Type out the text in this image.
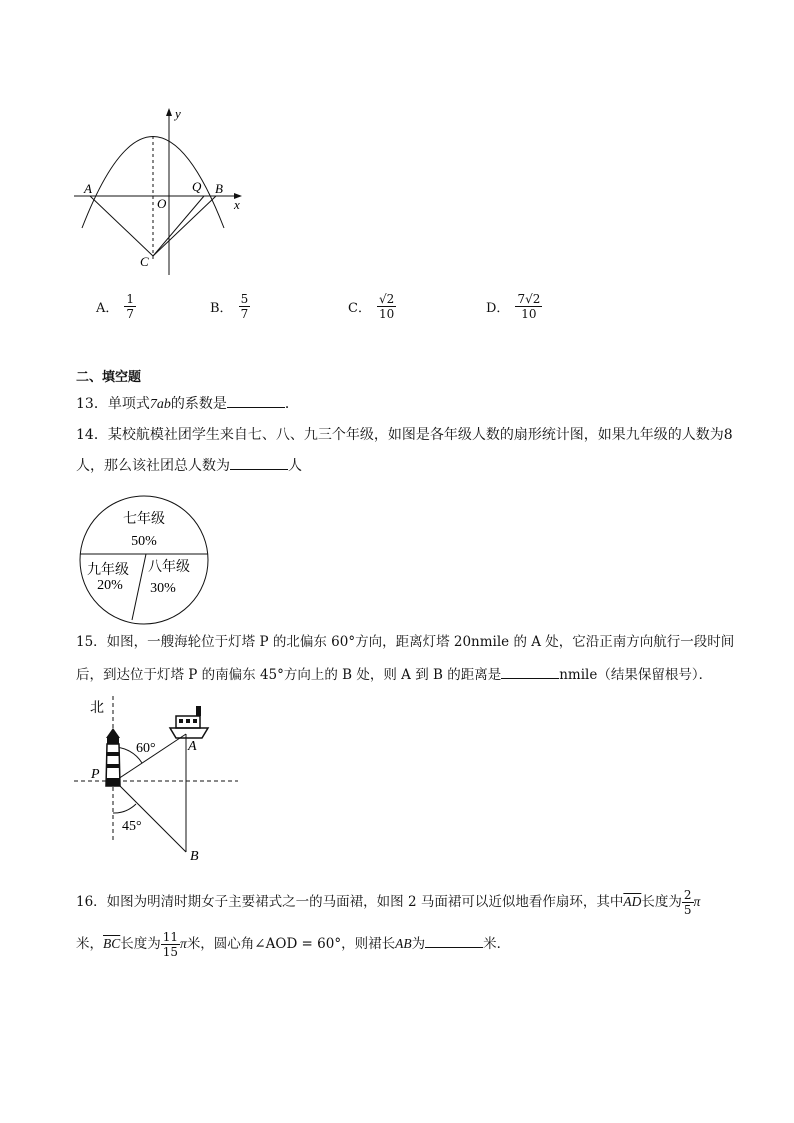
y
x
A
O
Q B
C
A． $\frac{1}{7}$	B． $\frac{5}{7}$	C． $\frac{√2}{10}$	D． $\frac{7√2}{10}$
二、填空题
13．单项式7ab的系数是	．
14．某校航模社团学生来自七、八、九三个年级，如图是各年级人数的扇形统计图，如果九年级的人数为8
人，那么该社团总人数为	人
七年级
50%
九年级
20%
八年级
30%
15．如图，一艘海轮位于灯塔 P 的北偏东 60°方向，距离灯塔 20nmile 的 A 处，它沿正南方向航行一段时间
后，到达位于灯塔 P 的南偏东 45°方向上的 B 处，则 A 到 B 的距离是	nmile（结果保留根号）．
北
60°
45°
P
A
B
16．如图为明清时期女子主要裙式之一的马面裙，如图 2 马面裙可以近似地看作扇环，其中$\overline{AD}$长度为 $\frac{2}{5}$ π
米，$\overline{BC}$长度为 $\frac{11}{15}$ π米，圆心角∠AOD = 60°，则裙长AB为	米．
